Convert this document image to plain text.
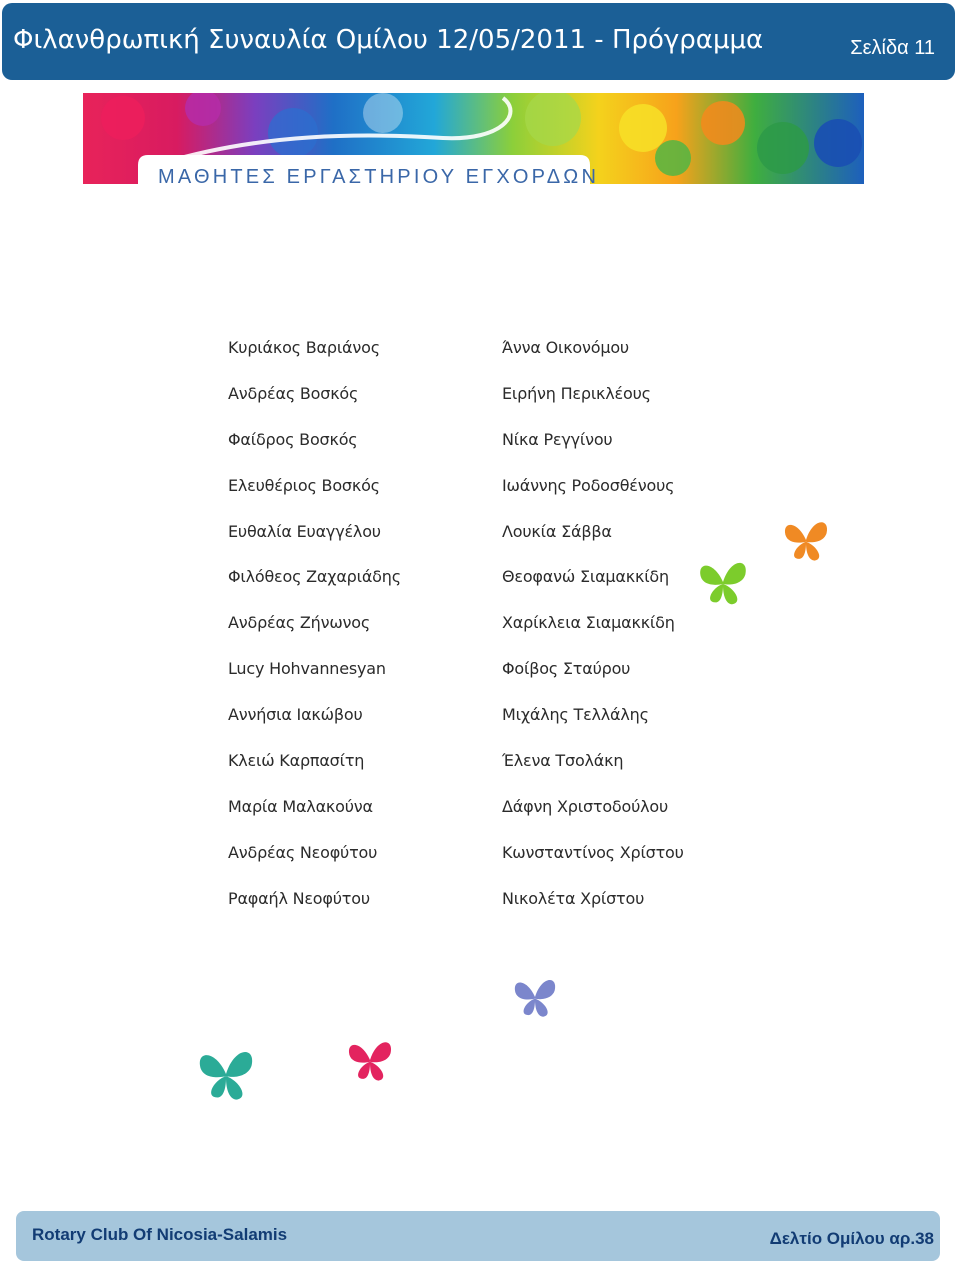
Φιλανθρωπική Συναυλία Ομίλου 12/05/2011 - Πρόγραμμα	Σελίδα 11
ΜΑΘΗΤΕΣ ΕΡΓΑΣΤΗΡΙΟΥ ΕΓΧΟΡΔΩΝ
Κυριάκος Βαριάνος
Ανδρέας Βοσκός
Φαίδρος Βοσκός
Ελευθέριος Βοσκός
Ευθαλία Ευαγγέλου
Φιλόθεος Ζαχαριάδης
Ανδρέας Ζήνωνος
Lucy Hohvannesyan
Αννήσια Ιακώβου
Κλειώ Καρπασίτη
Μαρία Μαλακούνα
Ανδρέας Νεοφύτου
Ραφαήλ Νεοφύτου
Άννα Οικονόμου
Ειρήνη Περικλέους
Νίκα Ρεγγίνου
Ιωάννης Ροδοσθένους
Λουκία Σάββα
Θεοφανώ Σιαμακκίδη
Χαρίκλεια Σιαμακκίδη
Φοίβος Σταύρου
Μιχάλης Τελλάλης
Έλενα Τσολάκη
Δάφνη Χριστοδούλου
Κωνσταντίνος Χρίστου
Νικολέτα Χρίστου
Rotary Club Of Nicosia-Salamis	Δελτίο Ομίλου αρ.38
